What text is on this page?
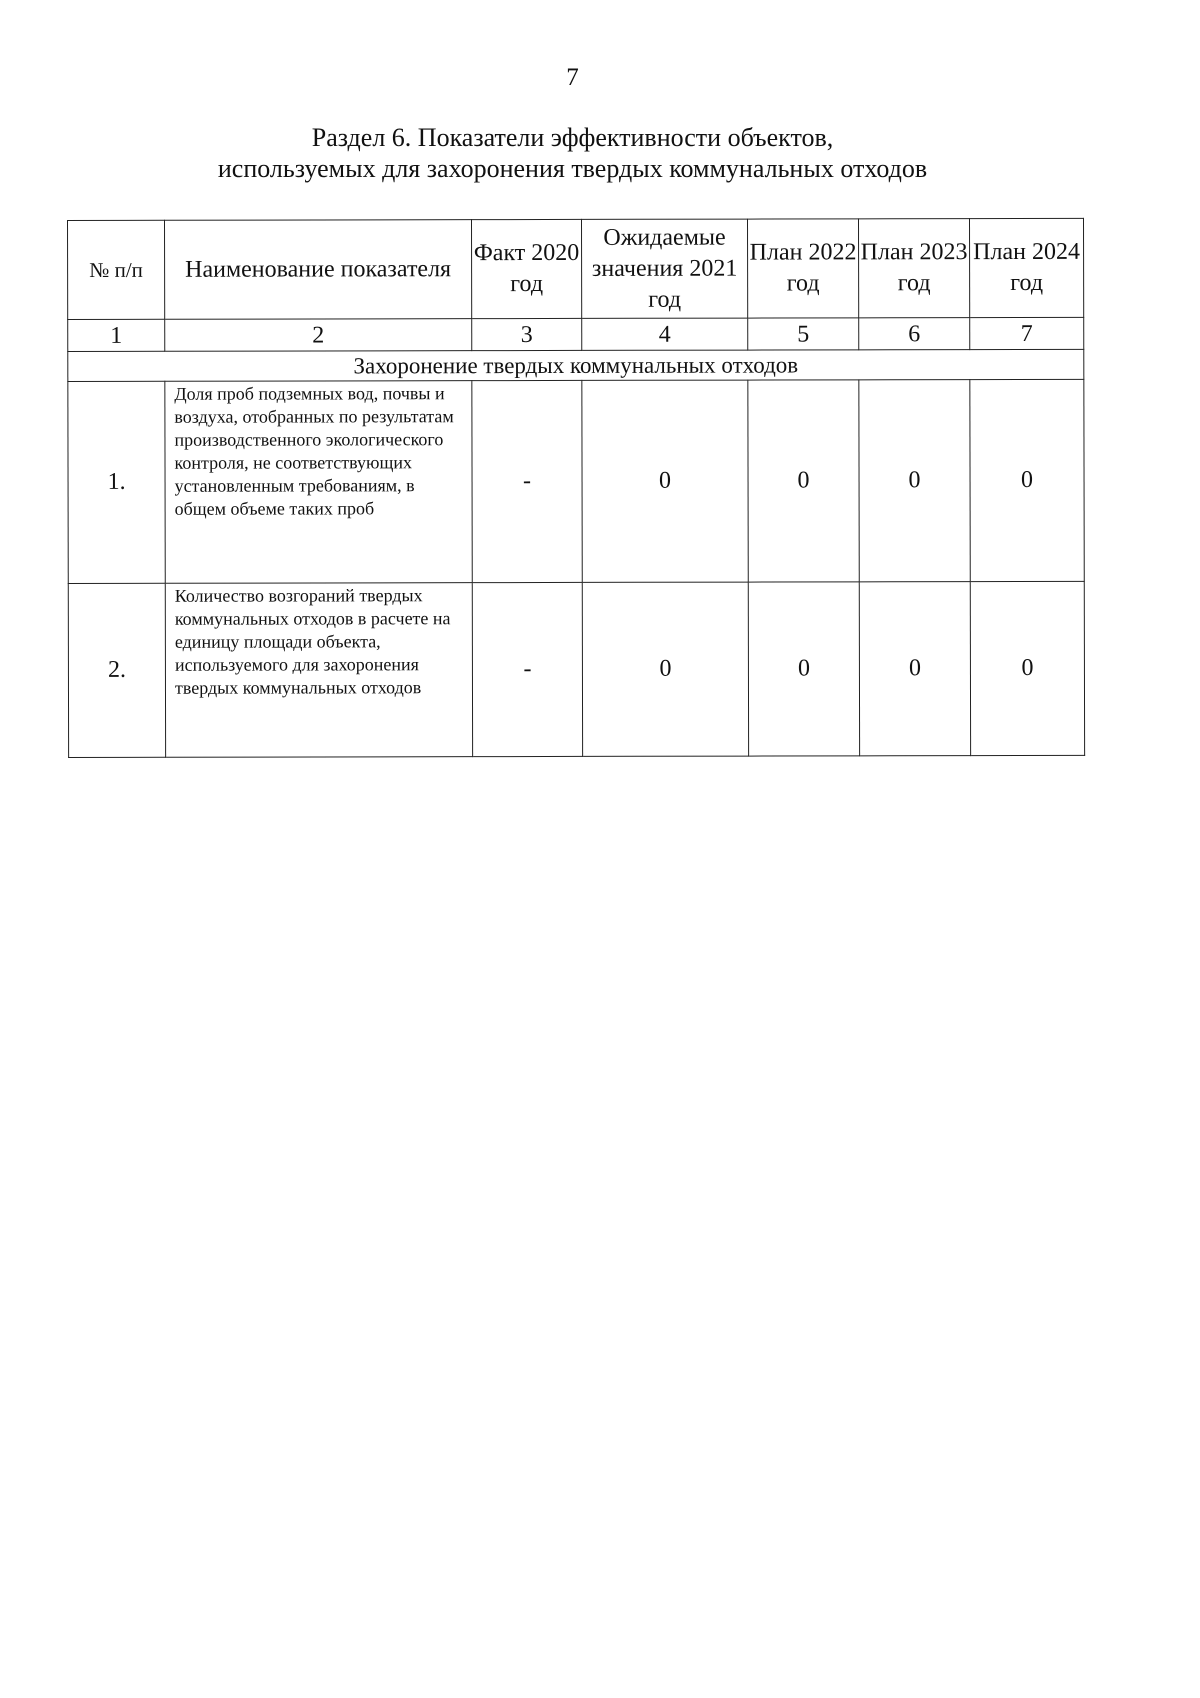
7
Раздел 6. Показатели эффективности объектов,
используемых для захоронения твердых коммунальных отходов
№ п/п	Наименование показателя	Факт 2020 год	Ожидаемые значения 2021 год	План 2022 год	План 2023 год	План 2024 год
1	2	3	4	5	6	7
Захоронение твердых коммунальных отходов						
1.	Доля проб подземных вод, почвы и воздуха, отобранных по результатам производственного экологического контроля, не соответствующих установленным требованиям, в общем объеме таких проб	-	0	0	0	0
2.	Количество возгораний твердых коммунальных отходов в расчете на единицу площади объекта, используемого для захоронения твердых коммунальных отходов	-	0	0	0	0
